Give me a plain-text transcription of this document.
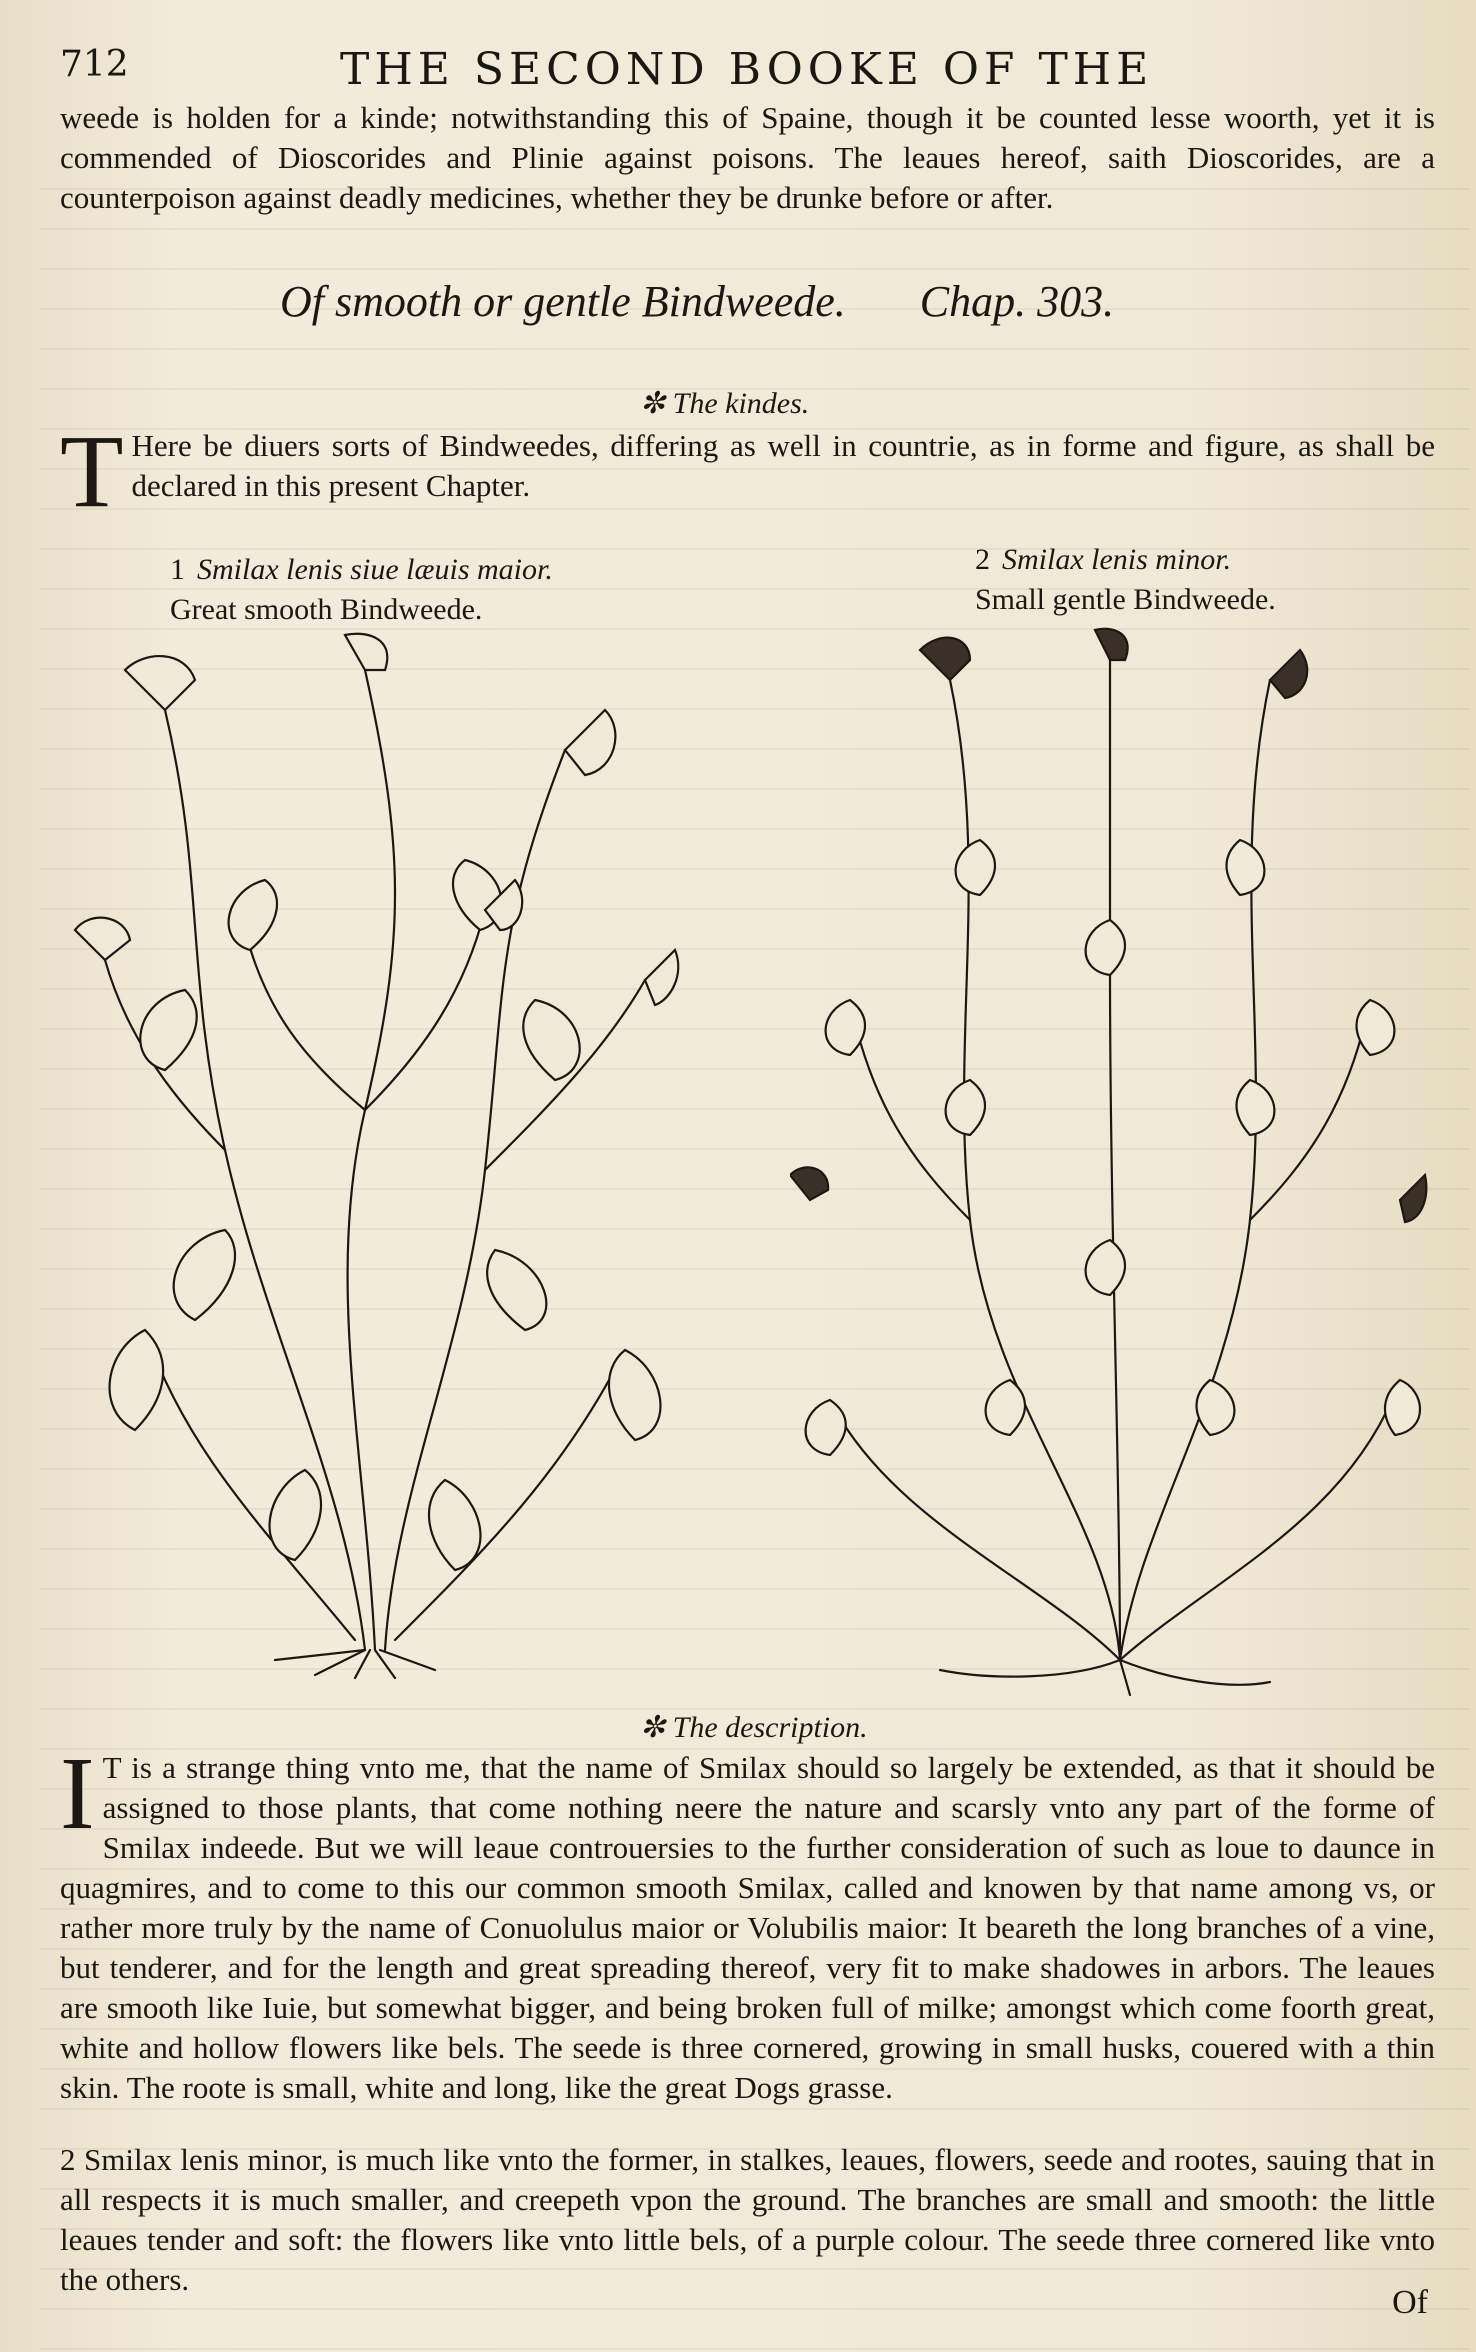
712	THE SECOND BOOKE OF THE

weede is holden for a kinde; notwithstanding this of Spaine, though it be counted lesse woorth, yet it is commended of Dioscorides and Plinie against poisons. The leaues hereof, saith Dioscorides, are a counterpoison against deadly medicines, whether they be drunke before or after.

Of smooth or gentle Bindweede. Chap. 303.
✼ The kindes.

T Here be diuers sorts of Bindweedes, differing as well in countrie, as in forme and figure, as shall be declared in this present Chapter.

1 Smilax lenis siue læuis maior.
Great smooth Bindweede.
2 Smilax lenis minor.
Small gentle Bindweede.
✼ The description.

I T is a strange thing vnto me, that the name of Smilax should so largely be extended, as that it should be assigned to those plants, that come nothing neere the nature and scarsly vnto any part of the forme of Smilax indeede. But we will leaue controuersies to the further consideration of such as loue to daunce in quagmires, and to come to this our common smooth Smilax, called and knowen by that name among vs, or rather more truly by the name of Conuolulus maior or Volubilis maior: It beareth the long branches of a vine, but tenderer, and for the length and great spreading thereof, very fit to make shadowes in arbors. The leaues are smooth like Iuie, but somewhat bigger, and being broken full of milke; amongst which come foorth great, white and hollow flowers like bels. The seede is three cornered, growing in small husks, couered with a thin skin. The roote is small, white and long, like the great Dogs grasse.

2 Smilax lenis minor, is much like vnto the former, in stalkes, leaues, flowers, seede and rootes, sauing that in all respects it is much smaller, and creepeth vpon the ground. The branches are small and smooth: the little leaues tender and soft: the flowers like vnto little bels, of a purple colour. The seede three cornered like vnto the others.

Of
